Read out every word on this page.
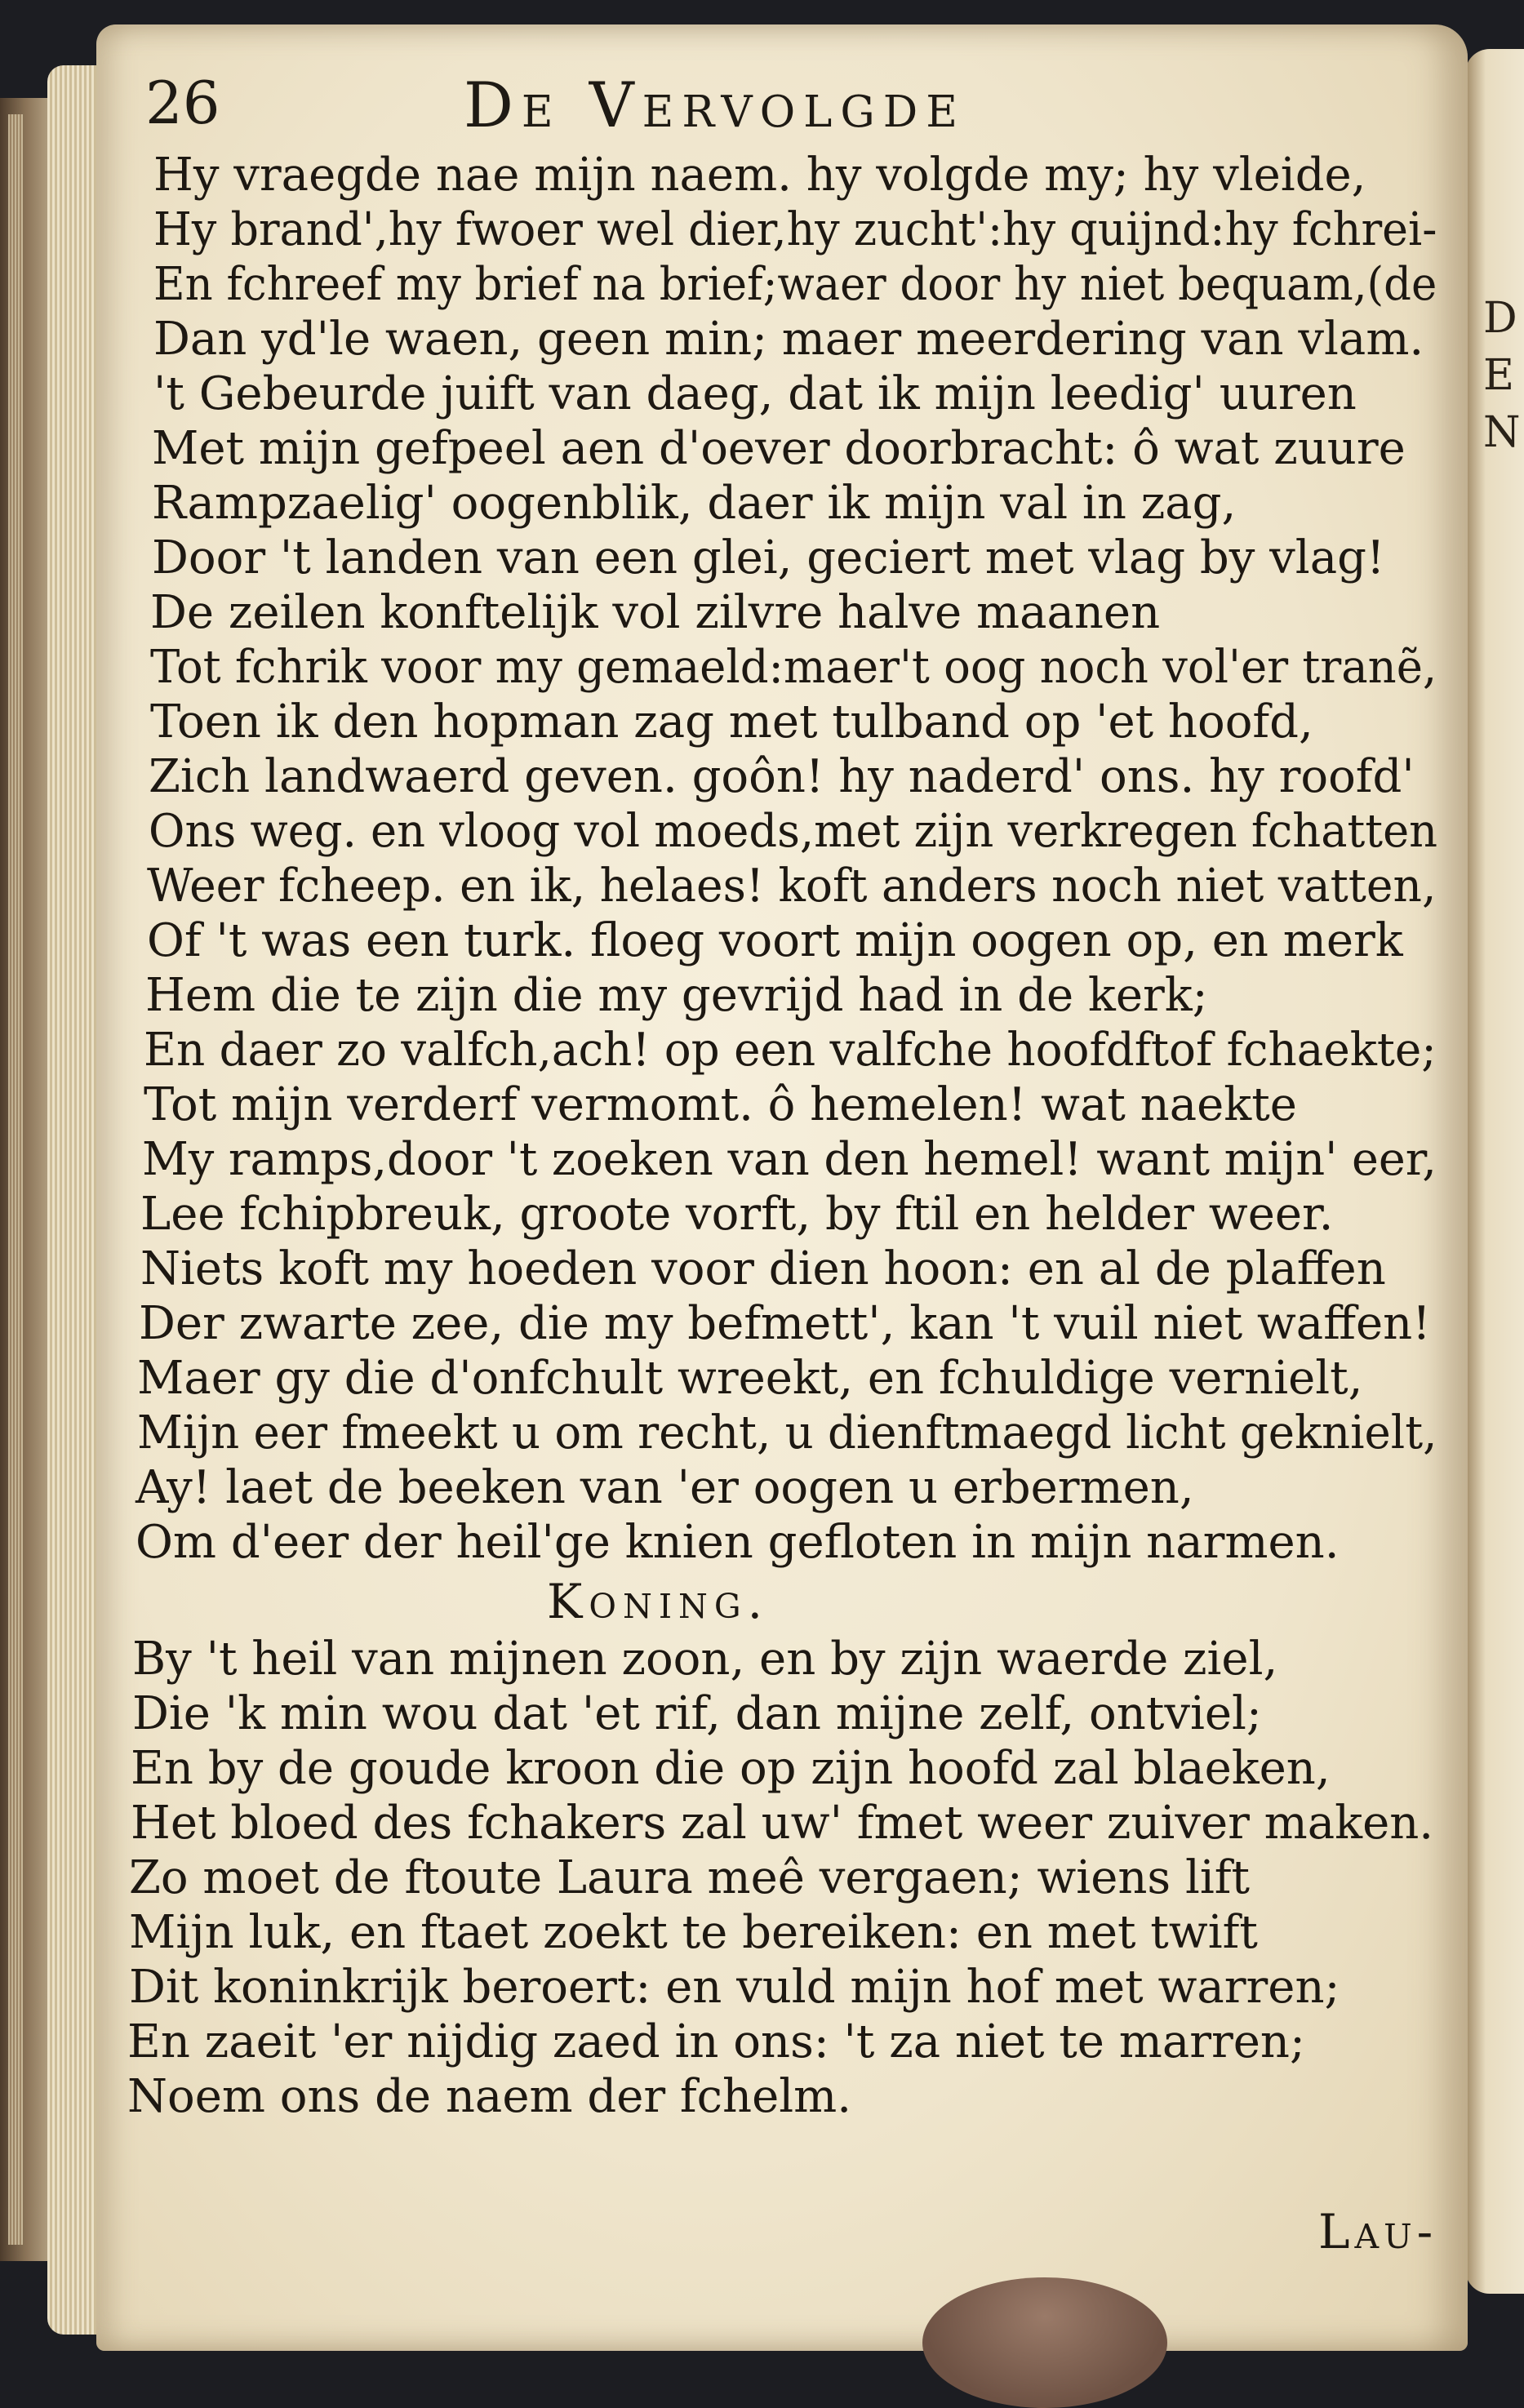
D
E
N
26	De Vervolgde
Hy vraegde nae mijn naem. hy volgde my; hy vleide,
Hy brand',hy fwoer wel dier,hy zucht':hy quijnd:hy fchrei-
En fchreef my brief na brief;waer door hy niet bequam,(de
Dan yd'le waen, geen min; maer meerdering van vlam.
't Gebeurde juift van daeg, dat ik mijn leedig' uuren
Met mijn gefpeel aen d'oever doorbracht: ô wat zuure
Rampzaelig' oogenblik, daer ik mijn val in zag,
Door 't landen van een glei, geciert met vlag by vlag!
De zeilen konftelijk vol zilvre halve maanen
Tot fchrik voor my gemaeld:maer't oog noch vol'er tranẽ,
Toen ik den hopman zag met tulband op 'et hoofd,
Zich landwaerd geven. goôn! hy naderd' ons. hy roofd'
Ons weg. en vloog vol moeds,met zijn verkregen fchatten
Weer fcheep. en ik, helaes! koft anders noch niet vatten,
Of 't was een turk. floeg voort mijn oogen op, en merk
Hem die te zijn die my gevrijd had in de kerk;
En daer zo valfch,ach! op een valfche hoofdftof fchaekte;
Tot mijn verderf vermomt. ô hemelen! wat naekte
My ramps,door 't zoeken van den hemel! want mijn' eer,
Lee fchipbreuk, groote vorft, by ftil en helder weer.
Niets koft my hoeden voor dien hoon: en al de plaffen
Der zwarte zee, die my befmett', kan 't vuil niet waffen!
Maer gy die d'onfchult wreekt, en fchuldige vernielt,
Mijn eer fmeekt u om recht, u dienftmaegd licht geknielt,
Ay! laet de beeken van 'er oogen u erbermen,
Om d'eer der heil'ge knien gefloten in mijn narmen.
Koning.
By 't heil van mijnen zoon, en by zijn waerde ziel,
Die 'k min wou dat 'et rif, dan mijne zelf, ontviel;
En by de goude kroon die op zijn hoofd zal blaeken,
Het bloed des fchakers zal uw' fmet weer zuiver maken.
Zo moet de ftoute Laura meê vergaen; wiens lift
Mijn luk, en ftaet zoekt te bereiken: en met twift
Dit koninkrijk beroert: en vuld mijn hof met warren;
En zaeit 'er nijdig zaed in ons: 't za niet te marren;
Noem ons de naem der fchelm.
Lau-
